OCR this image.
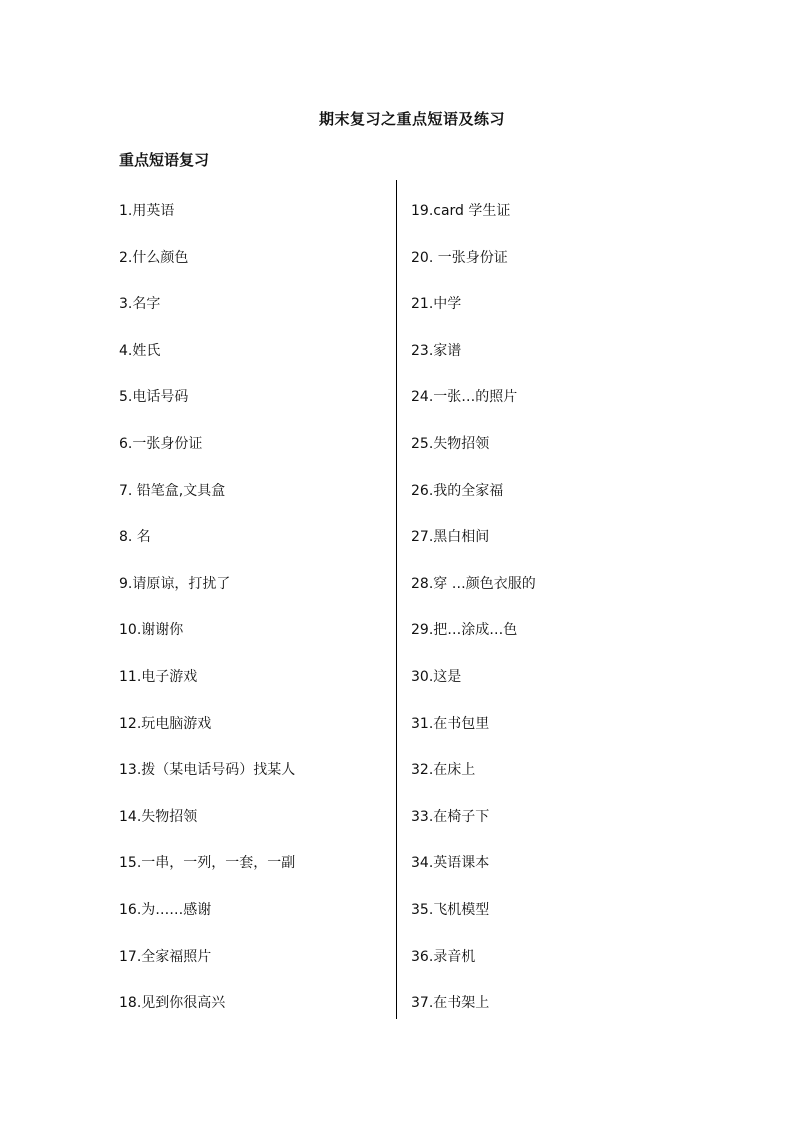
期末复习之重点短语及练习
重点短语复习
1.用英语
2.什么颜色
3.名字
4.姓氏
5.电话号码
6.一张身份证
7. 铅笔盒,文具盒
8. 名
9.请原谅，打扰了
10.谢谢你
11.电子游戏
12.玩电脑游戏
13.拨（某电话号码）找某人
14.失物招领
15.一串，一列，一套，一副
16.为……感谢
17.全家福照片
18.见到你很高兴
19.card 学生证
20. 一张身份证
21.中学
23.家谱
24.一张…的照片
25.失物招领
26.我的全家福
27.黑白相间
28.穿 …颜色衣服的
29.把…涂成…色
30.这是
31.在书包里
32.在床上
33.在椅子下
34.英语课本
35.飞机模型
36.录音机
37.在书架上
